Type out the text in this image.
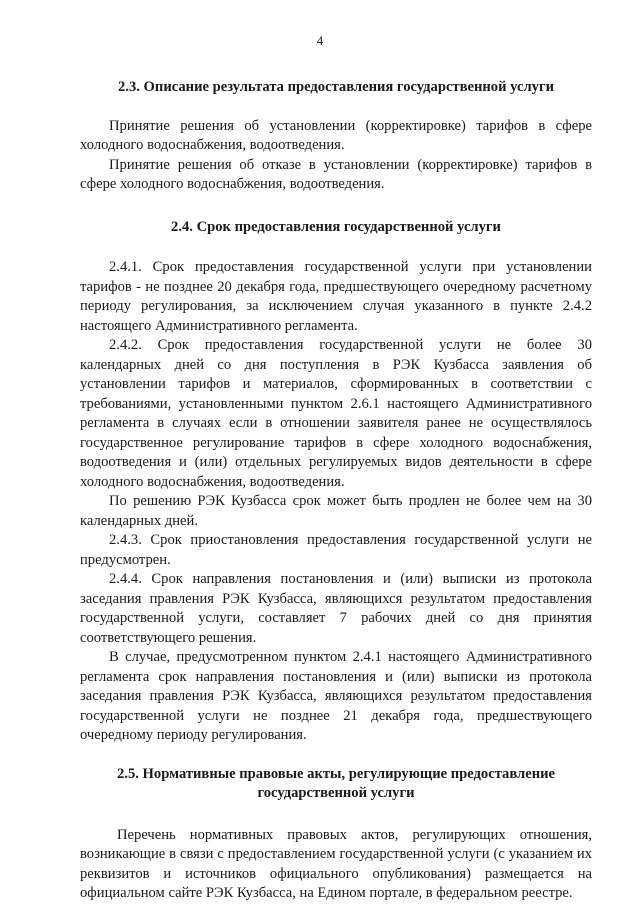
4

2.3. Описание результата предоставления государственной услуги

Принятие решения об установлении (корректировке) тарифов в сфере холодного водоснабжения, водоотведения.

Принятие решения об отказе в установлении (корректировке) тарифов в сфере холодного водоснабжения, водоотведения.

2.4. Срок предоставления государственной услуги

2.4.1. Срок предоставления государственной услуги при установлении тарифов - не позднее 20 декабря года, предшествующего очередному расчетному периоду регулирования, за исключением случая указанного в пункте 2.4.2 настоящего Административного регламента.

2.4.2. Срок предоставления государственной услуги не более 30 календарных дней со дня поступления в РЭК Кузбасса заявления об установлении тарифов и материалов, сформированных в соответствии с требованиями, установленными пунктом 2.6.1 настоящего Административного регламента в случаях если в отношении заявителя ранее не осуществлялось государственное регулирование тарифов в сфере холодного водоснабжения, водоотведения и (или) отдельных регулируемых видов деятельности в сфере холодного водоснабжения, водоотведения.

По решению РЭК Кузбасса срок может быть продлен не более чем на 30 календарных дней.

2.4.3. Срок приостановления предоставления государственной услуги не предусмотрен.

2.4.4. Срок направления постановления и (или) выписки из протокола заседания правления РЭК Кузбасса, являющихся результатом предоставления государственной услуги, составляет 7 рабочих дней со дня принятия соответствующего решения.

В случае, предусмотренном пунктом 2.4.1 настоящего Административного регламента срок направления постановления и (или) выписки из протокола заседания правления РЭК Кузбасса, являющихся результатом предоставления государственной услуги не позднее 21 декабря года, предшествующего очередному периоду регулирования.

2.5. Нормативные правовые акты, регулирующие предоставление
государственной услуги

Перечень нормативных правовых актов, регулирующих отношения, возникающие в связи с предоставлением государственной услуги (с указанием их реквизитов и источников официального опубликования) размещается на официальном сайте РЭК Кузбасса, на Едином портале, в федеральном реестре.
